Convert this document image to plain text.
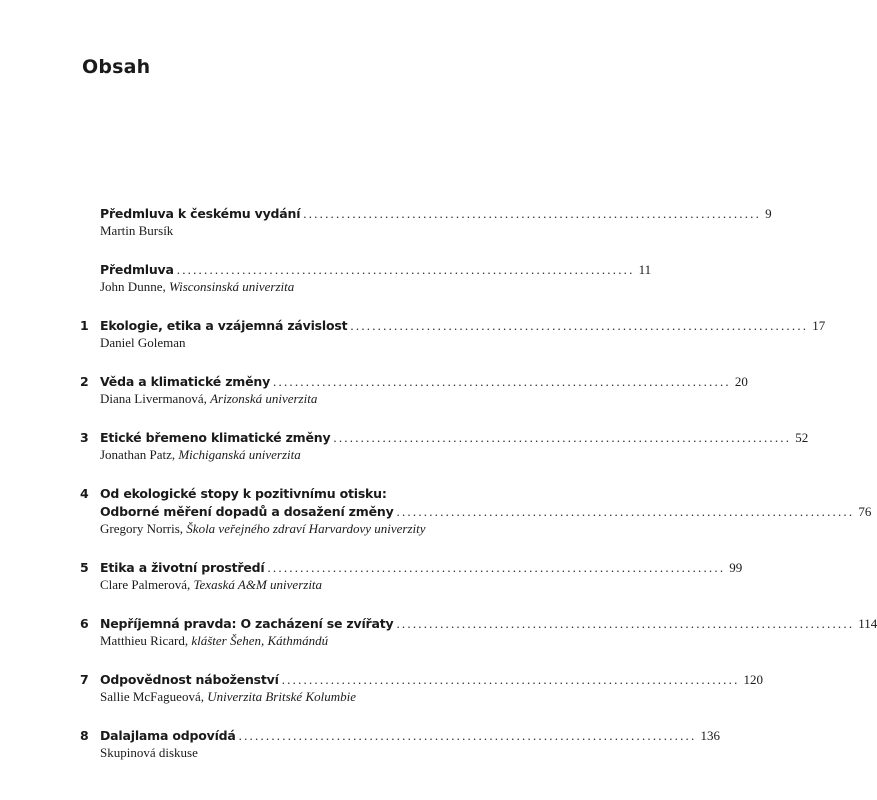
Obsah
Předmluva k českému vydání .................................................................................... 9
Martin Bursík
Předmluva .................................................................................... 11
John Dunne, Wisconsinská univerzita
1 Ekologie, etika a vzájemná závislost .................................................................................... 17
Daniel Goleman
2 Věda a klimatické změny .................................................................................... 20
Diana Livermanová, Arizonská univerzita
3 Etické břemeno klimatické změny .................................................................................... 52
Jonathan Patz, Michiganská univerzita
4 Od ekologické stopy k pozitivnímu otisku:
Odborné měření dopadů a dosažení změny .................................................................................... 76
Gregory Norris, Škola veřejného zdraví Harvardovy univerzity
5 Etika a životní prostředí .................................................................................... 99
Clare Palmerová, Texaská A&M univerzita
6 Nepříjemná pravda: O zacházení se zvířaty .................................................................................... 114
Matthieu Ricard, klášter Šehen, Káthmándú
7 Odpovědnost náboženství .................................................................................... 120
Sallie McFagueová, Univerzita Britské Kolumbie
8 Dalajlama odpovídá .................................................................................... 136
Skupinová diskuse
